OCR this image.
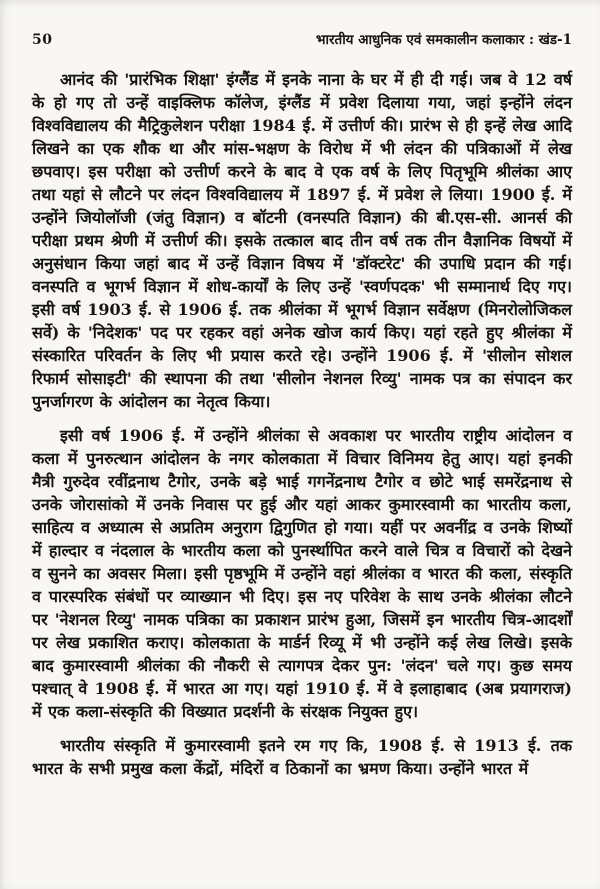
50	भारतीय आधुनिक एवं समकालीन कलाकार : खंड-1

आनंद की 'प्रारंभिक शिक्षा' इंग्लैंड में इनके नाना के घर में ही दी गई। जब वे 12 वर्ष के हो गए तो उन्हें वाइक्लिफ कॉलेज, इंग्लैंड में प्रवेश दिलाया गया, जहां इन्होंने लंदन विश्वविद्यालय की मैट्रिकुलेशन परीक्षा 1984 ई. में उत्तीर्ण की। प्रारंभ से ही इन्हें लेख आदि लिखने का एक शौक था और मांस-भक्षण के विरोध में भी लंदन की पत्रिकाओं में लेख छपवाए। इस परीक्षा को उत्तीर्ण करने के बाद वे एक वर्ष के लिए पितृभूमि श्रीलंका आए तथा यहां से लौटने पर लंदन विश्वविद्यालय में 1897 ई. में प्रवेश ले लिया। 1900 ई. में उन्होंने जियोलॉजी (जंतु विज्ञान) व बॉटनी (वनस्पति विज्ञान) की बी.एस-सी. आनर्स की परीक्षा प्रथम श्रेणी में उत्तीर्ण की। इसके तत्काल बाद तीन वर्ष तक तीन वैज्ञानिक विषयों में अनुसंधान किया जहां बाद में उन्हें विज्ञान विषय में 'डॉक्टरेट' की उपाधि प्रदान की गई। वनस्पति व भूगर्भ विज्ञान में शोध-कार्यों के लिए उन्हें 'स्वर्णपदक' भी सम्मानार्थ दिए गए। इसी वर्ष 1903 ई. से 1906 ई. तक श्रीलंका में भूगर्भ विज्ञान सर्वेक्षण (मिनरोलोजिकल सर्वे) के 'निदेशक' पद पर रहकर वहां अनेक खोज कार्य किए। यहां रहते हुए श्रीलंका में संस्कारित परिवर्तन के लिए भी प्रयास करते रहे। उन्होंने 1906 ई. में 'सीलोन सोशल रिफार्म सोसाइटी' की स्थापना की तथा 'सीलोन नेशनल रिव्यु' नामक पत्र का संपादन कर पुनर्जागरण के आंदोलन का नेतृत्व किया।

इसी वर्ष 1906 ई. में उन्होंने श्रीलंका से अवकाश पर भारतीय राष्ट्रीय आंदोलन व कला में पुनरुत्थान आंदोलन के नगर कोलकाता में विचार विनिमय हेतु आए। यहां इनकी मैत्री गुरुदेव रवींद्रनाथ टैगोर, उनके बड़े भाई गगनेंद्रनाथ टैगोर व छोटे भाई समरेंद्रनाथ से उनके जोरासांको में उनके निवास पर हुई और यहां आकर कुमारस्वामी का भारतीय कला, साहित्य व अध्यात्म से अप्रतिम अनुराग द्विगुणित हो गया। यहीं पर अवनींद्र व उनके शिष्यों में हाल्दार व नंदलाल के भारतीय कला को पुनर्स्थापित करने वाले चित्र व विचारों को देखने व सुनने का अवसर मिला। इसी पृष्ठभूमि में उन्होंने वहां श्रीलंका व भारत की कला, संस्कृति व पारस्परिक संबंधों पर व्याख्यान भी दिए। इस नए परिवेश के साथ उनके श्रीलंका लौटने पर 'नेशनल रिव्यु' नामक पत्रिका का प्रकाशन प्रारंभ हुआ, जिसमें इन भारतीय चित्र-आदर्शों पर लेख प्रकाशित कराए। कोलकाता के मार्डर्न रिव्यू में भी उन्होंने कई लेख लिखे। इसके बाद कुमारस्वामी श्रीलंका की नौकरी से त्यागपत्र देकर पुन: 'लंदन' चले गए। कुछ समय पश्चात् वे 1908 ई. में भारत आ गए। यहां 1910 ई. में वे इलाहाबाद (अब प्रयागराज) में एक कला-संस्कृति की विख्यात प्रदर्शनी के संरक्षक नियुक्त हुए।

भारतीय संस्कृति में कुमारस्वामी इतने रम गए कि, 1908 ई. से 1913 ई. तक भारत के सभी प्रमुख कला केंद्रों, मंदिरों व ठिकानों का भ्रमण किया। उन्होंने भारत में
